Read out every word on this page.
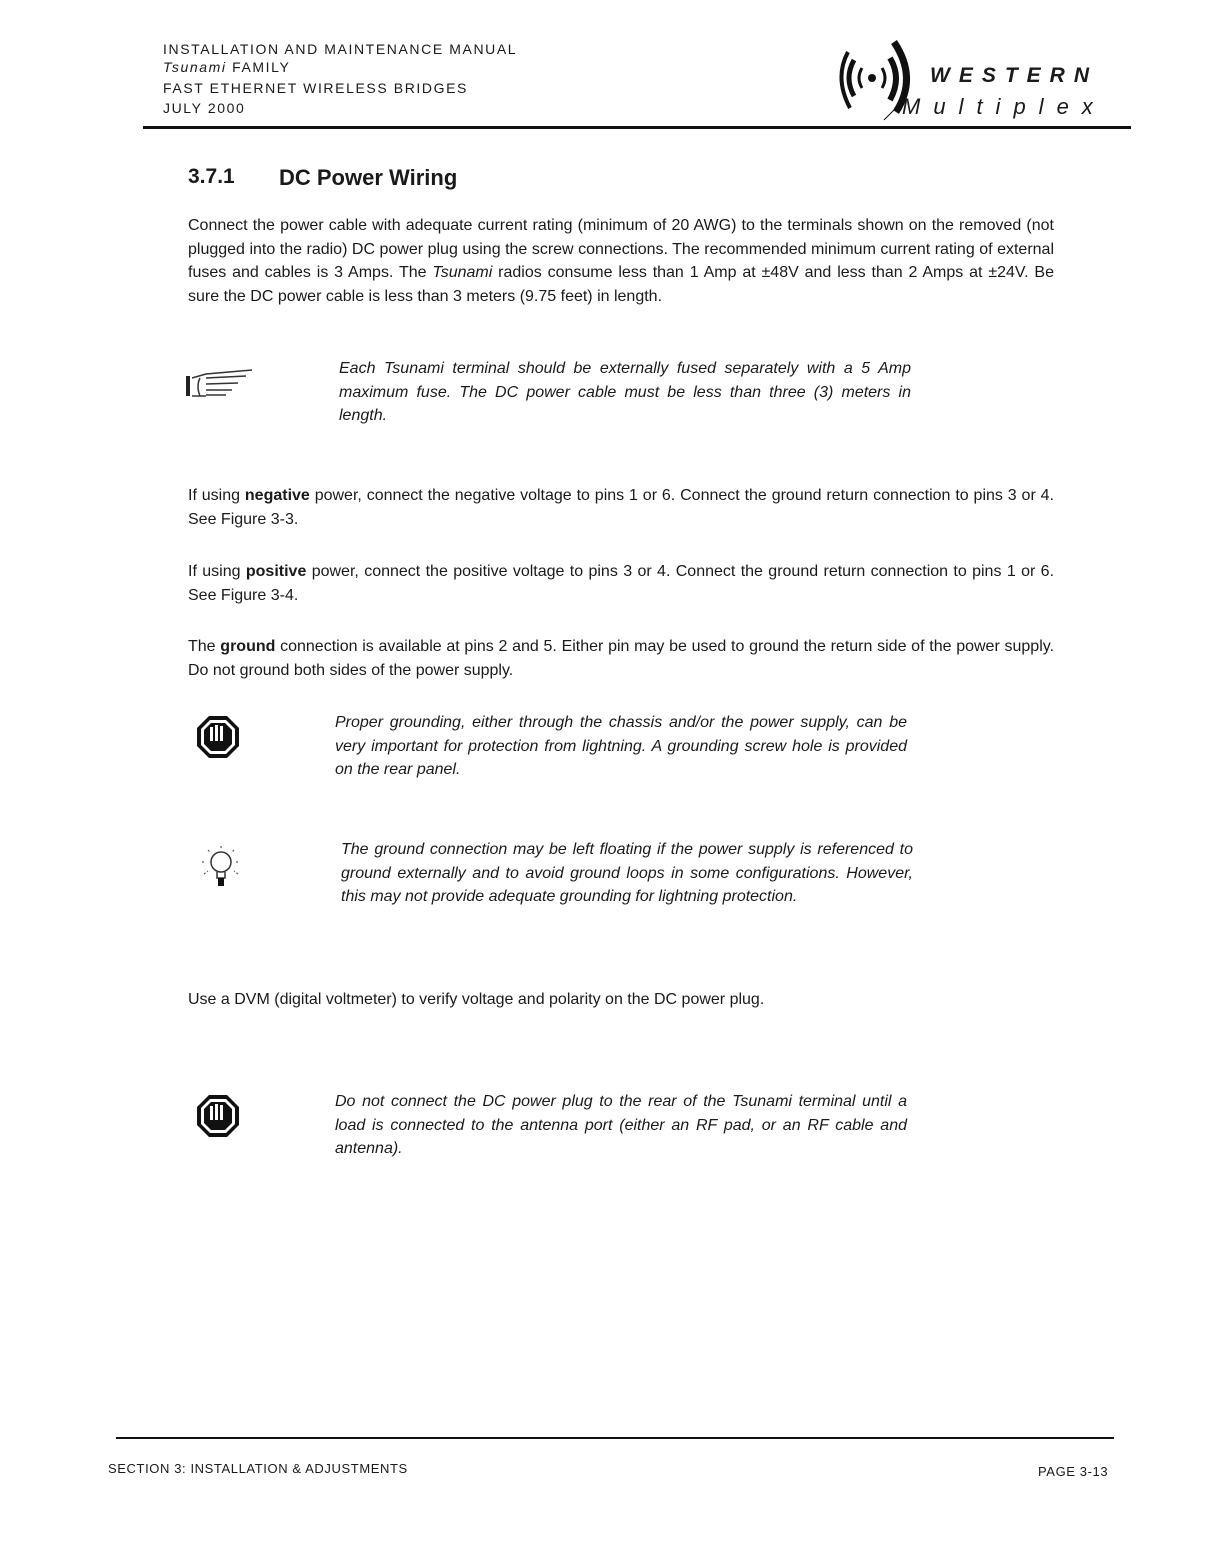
INSTALLATION AND MAINTENANCE MANUAL
Tsunami FAMILY
FAST ETHERNET WIRELESS BRIDGES
JULY 2000
WESTERN
Multiplex
3.7.1 DC Power Wiring
Connect the power cable with adequate current rating (minimum of 20 AWG) to the terminals shown on the removed (not plugged into the radio) DC power plug using the screw connections. The recommended minimum current rating of external fuses and cables is 3 Amps. The Tsunami radios consume less than 1 Amp at ±48V and less than 2 Amps at ±24V. Be sure the DC power cable is less than 3 meters (9.75 feet) in length.
Each Tsunami terminal should be externally fused separately with a 5 Amp maximum fuse. The DC power cable must be less than three (3) meters in length.
If using negative power, connect the negative voltage to pins 1 or 6. Connect the ground return connection to pins 3 or 4. See Figure 3-3.
If using positive power, connect the positive voltage to pins 3 or 4. Connect the ground return connection to pins 1 or 6. See Figure 3-4.
The ground connection is available at pins 2 and 5. Either pin may be used to ground the return side of the power supply. Do not ground both sides of the power supply.
Proper grounding, either through the chassis and/or the power supply, can be very important for protection from lightning. A grounding screw hole is provided on the rear panel.
The ground connection may be left floating if the power supply is referenced to ground externally and to avoid ground loops in some configurations. However, this may not provide adequate grounding for lightning protection.
Use a DVM (digital voltmeter) to verify voltage and polarity on the DC power plug.
Do not connect the DC power plug to the rear of the Tsunami terminal until a load is connected to the antenna port (either an RF pad, or an RF cable and antenna).
SECTION 3: INSTALLATION & ADJUSTMENTS	PAGE 3-13
